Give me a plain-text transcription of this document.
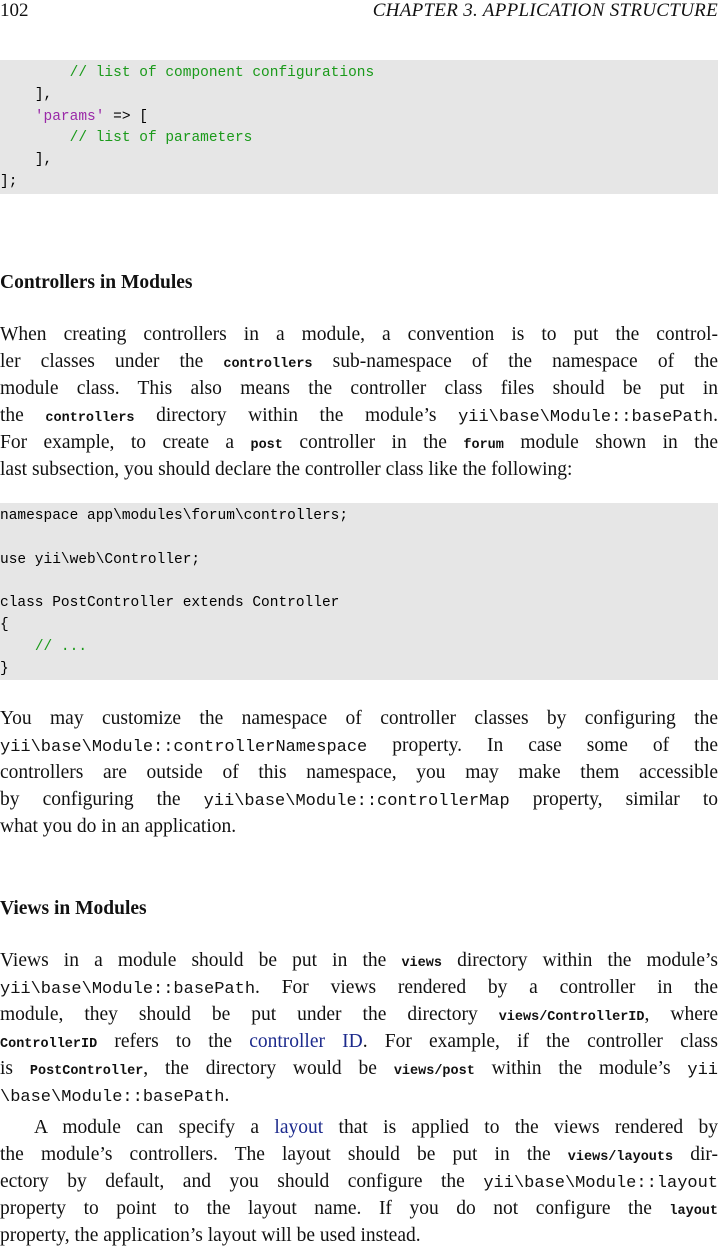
102	CHAPTER 3. APPLICATION STRUCTURE
// list of component configurations
],
'params' => [
// list of parameters
],
];
Controllers in Modules
When creating controllers in a module, a convention is to put the control-
ler classes under the controllers sub-namespace of the namespace of the
module class. This also means the controller class files should be put in
the controllers directory within the module’s yii\base\Module::basePath.
For example, to create a post controller in the forum module shown in the
last subsection, you should declare the controller class like the following:
namespace app\modules\forum\controllers;
use yii\web\Controller;
class PostController extends Controller
{
// ...
}
You may customize the namespace of controller classes by configuring the
yii\base\Module::controllerNamespace property. In case some of the
controllers are outside of this namespace, you may make them accessible
by configuring the yii\base\Module::controllerMap property, similar to
what you do in an application.
Views in Modules
Views in a module should be put in the views directory within the module’s
yii\base\Module::basePath. For views rendered by a controller in the
module, they should be put under the directory views/ControllerID, where
ControllerID refers to the controller ID. For example, if the controller class
is PostController, the directory would be views/post within the module’s yii
\base\Module::basePath.
A module can specify a layout that is applied to the views rendered by
the module’s controllers. The layout should be put in the views/layouts dir-
ectory by default, and you should configure the yii\base\Module::layout
property to point to the layout name. If you do not configure the layout
property, the application’s layout will be used instead.
